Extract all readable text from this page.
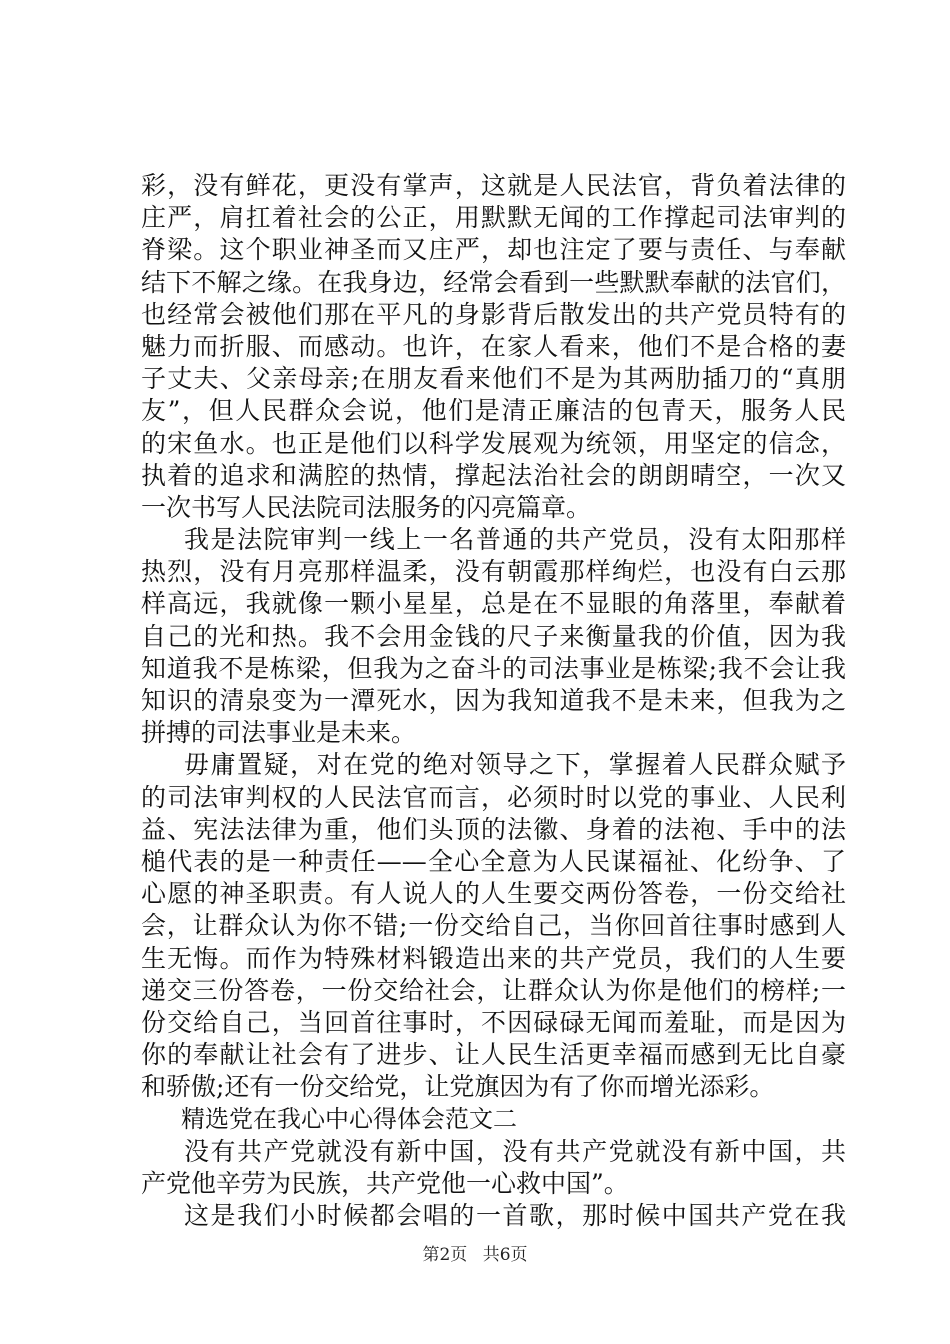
彩，没有鲜花，更没有掌声，这就是人民法官，背负着法律的
庄严，肩扛着社会的公正，用默默无闻的工作撑起司法审判的
脊梁。这个职业神圣而又庄严，却也注定了要与责任、与奉献
结下不解之缘。在我身边，经常会看到一些默默奉献的法官们，
也经常会被他们那在平凡的身影背后散发出的共产党员特有的
魅力而折服、而感动。也许，在家人看来，他们不是合格的妻
子丈夫、父亲母亲;在朋友看来他们不是为其两肋插刀的“真朋
友”，但人民群众会说，他们是清正廉洁的包青天，服务人民
的宋鱼水。也正是他们以科学发展观为统领，用坚定的信念，
执着的追求和满腔的热情，撑起法治社会的朗朗晴空，一次又
一次书写人民法院司法服务的闪亮篇章。
我是法院审判一线上一名普通的共产党员，没有太阳那样
热烈，没有月亮那样温柔，没有朝霞那样绚烂，也没有白云那
样高远，我就像一颗小星星，总是在不显眼的角落里，奉献着
自己的光和热。我不会用金钱的尺子来衡量我的价值，因为我
知道我不是栋梁，但我为之奋斗的司法事业是栋梁;我不会让我
知识的清泉变为一潭死水，因为我知道我不是未来，但我为之
拼搏的司法事业是未来。
毋庸置疑，对在党的绝对领导之下，掌握着人民群众赋予
的司法审判权的人民法官而言，必须时时以党的事业、人民利
益、宪法法律为重，他们头顶的法徽、身着的法袍、手中的法
槌代表的是一种责任——全心全意为人民谋福祉、化纷争、了
心愿的神圣职责。有人说人的人生要交两份答卷，一份交给社
会，让群众认为你不错;一份交给自己，当你回首往事时感到人
生无悔。而作为特殊材料锻造出来的共产党员，我们的人生要
递交三份答卷，一份交给社会，让群众认为你是他们的榜样;一
份交给自己，当回首往事时，不因碌碌无闻而羞耻，而是因为
你的奉献让社会有了进步、让人民生活更幸福而感到无比自豪
和骄傲;还有一份交给党，让党旗因为有了你而增光添彩。
精选党在我心中心得体会范文二
没有共产党就没有新中国，没有共产党就没有新中国，共
产党他辛劳为民族，共产党他一心救中国”。
这是我们小时候都会唱的一首歌，那时候中国共产党在我
第2页 共6页
